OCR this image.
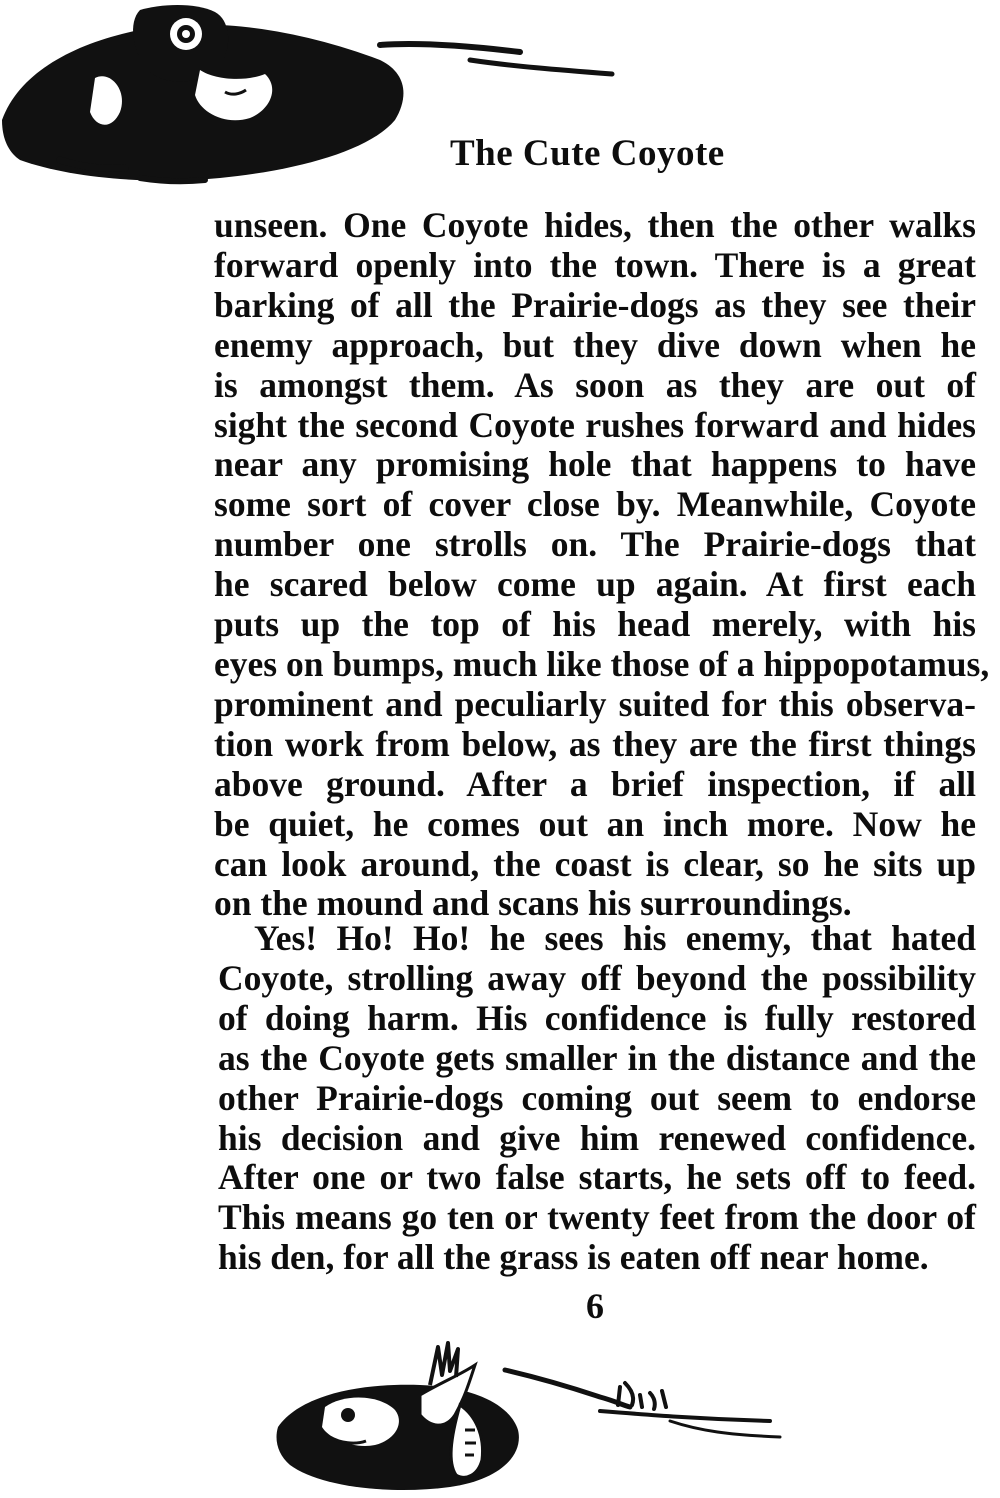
The Cute Coyote

unseen. One Coyote hides, then the other walks
forward openly into the town. There is a great
barking of all the Prairie-dogs as they see their
enemy approach, but they dive down when he
is amongst them. As soon as they are out of
sight the second Coyote rushes forward and hides
near any promising hole that happens to have
some sort of cover close by. Meanwhile, Coyote
number one strolls on. The Prairie-dogs that
he scared below come up again. At first each
puts up the top of his head merely, with his
eyes on bumps, much like those of a hippopotamus,
prominent and peculiarly suited for this observa-
tion work from below, as they are the first things
above ground. After a brief inspection, if all
be quiet, he comes out an inch more. Now he
can look around, the coast is clear, so he sits up
on the mound and scans his surroundings.

Yes! Ho! Ho! he sees his enemy, that hated
Coyote, strolling away off beyond the possibility
of doing harm. His confidence is fully restored
as the Coyote gets smaller in the distance and the
other Prairie-dogs coming out seem to endorse
his decision and give him renewed confidence.
After one or two false starts, he sets off to feed.
This means go ten or twenty feet from the door of
his den, for all the grass is eaten off near home.

6
